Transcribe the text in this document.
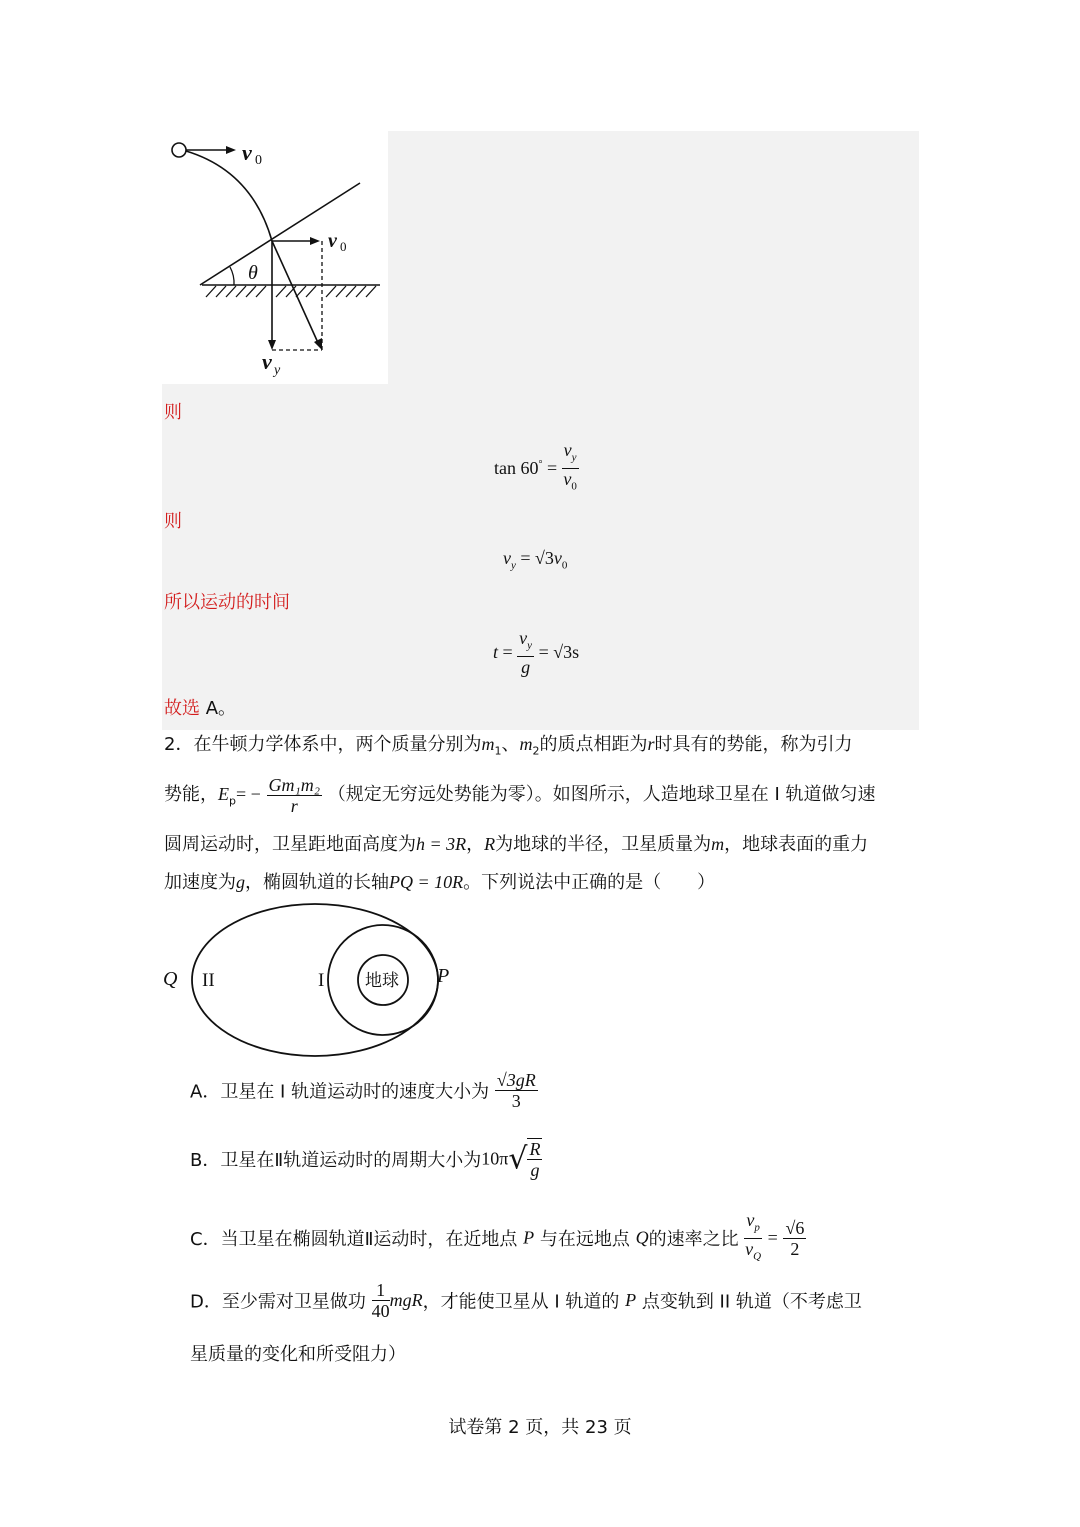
v 0
v 0
θ
v y
则
$\tan 60^\circ = \frac{v_y}{v_0}$
则
$v_y = √3v_0$
所以运动的时间
$t = \frac{v_y}{g} = √3s$
故选 A。
2．在牛顿力学体系中，两个质量分别为$m_1$、$m_2$的质点相距为r时具有的势能，称为引力
势能，$E_p= - \frac{\text{Gm₁m₂}}{r}$ （规定无穷远处势能为零）。如图所示，人造地球卫星在 I 轨道做匀速
圆周运动时，卫星距地面高度为h = 3R，R为地球的半径，卫星质量为m，地球表面的重力
加速度为g，椭圆轨道的长轴PQ = 10R。下列说法中正确的是（　　）
Q II	I 地球 P
A．卫星在 I 轨道运动时的速度大小为 $\frac{√3gR}{3}$
B．卫星在Ⅱ轨道运动时的周期大小为$10\pi√ \frac{R}{g}$
C．当卫星在椭圆轨道Ⅱ运动时，在近地点 P 与在远地点 Q的速率之比 $\frac{v_p}{v_Q} = \frac{√6}{2}$
D．至少需对卫星做功 $\frac{1}{40}$ mgR，才能使卫星从 I 轨道的 P 点变轨到 II 轨道（不考虑卫
星质量的变化和所受阻力）
试卷第 2 页，共 23 页
